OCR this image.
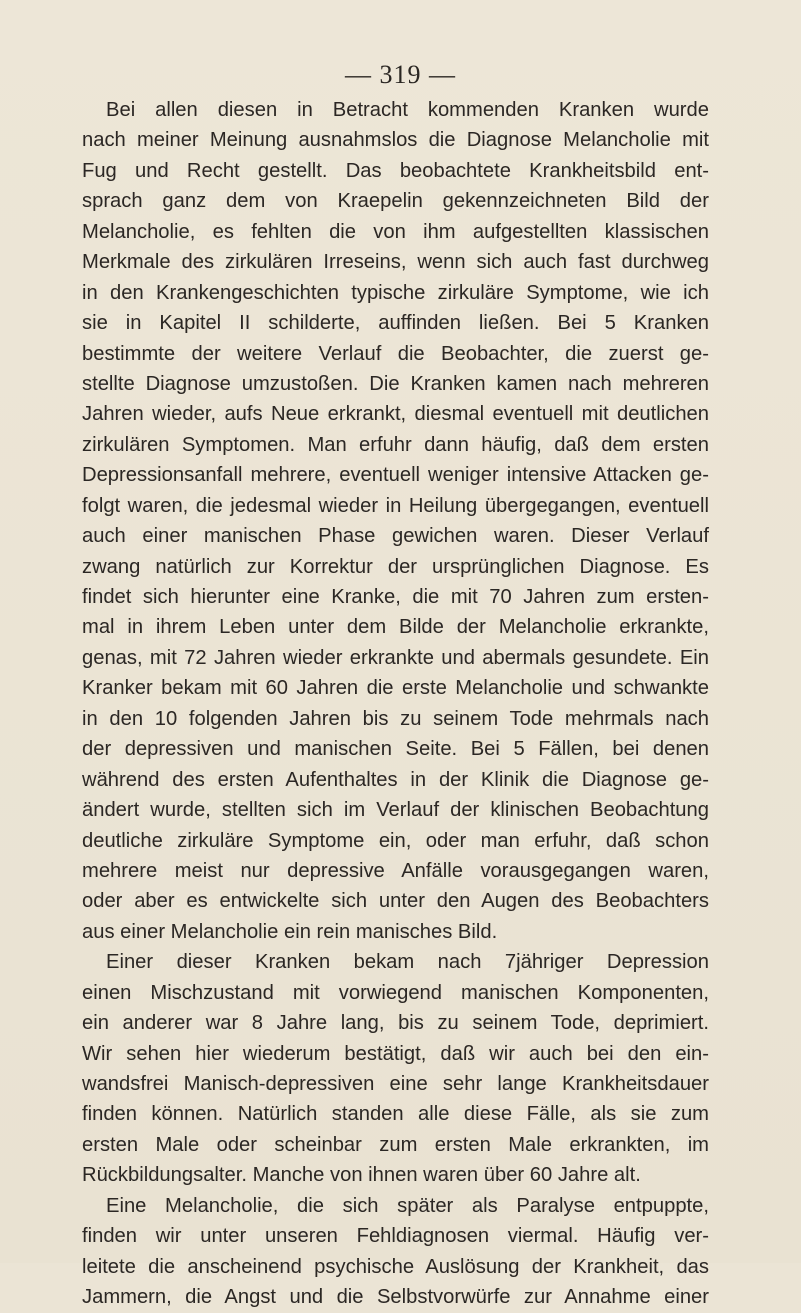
— 319 —
Bei allen diesen in Betracht kommenden Kranken wurde
nach meiner Meinung ausnahmslos die Diagnose Melancholie mit
Fug und Recht gestellt. Das beobachtete Krankheitsbild ent-
sprach ganz dem von Kraepelin gekennzeichneten Bild der
Melancholie, es fehlten die von ihm aufgestellten klassischen
Merkmale des zirkulären Irreseins, wenn sich auch fast durchweg
in den Krankengeschichten typische zirkuläre Symptome, wie ich
sie in Kapitel II schilderte, auffinden ließen. Bei 5 Kranken
bestimmte der weitere Verlauf die Beobachter, die zuerst ge-
stellte Diagnose umzustoßen. Die Kranken kamen nach mehreren
Jahren wieder, aufs Neue erkrankt, diesmal eventuell mit deutlichen
zirkulären Symptomen. Man erfuhr dann häufig, daß dem ersten
Depressionsanfall mehrere, eventuell weniger intensive Attacken ge-
folgt waren, die jedesmal wieder in Heilung übergegangen, eventuell
auch einer manischen Phase gewichen waren. Dieser Verlauf
zwang natürlich zur Korrektur der ursprünglichen Diagnose. Es
findet sich hierunter eine Kranke, die mit 70 Jahren zum ersten-
mal in ihrem Leben unter dem Bilde der Melancholie erkrankte,
genas, mit 72 Jahren wieder erkrankte und abermals gesundete. Ein
Kranker bekam mit 60 Jahren die erste Melancholie und schwankte
in den 10 folgenden Jahren bis zu seinem Tode mehrmals nach
der depressiven und manischen Seite. Bei 5 Fällen, bei denen
während des ersten Aufenthaltes in der Klinik die Diagnose ge-
ändert wurde, stellten sich im Verlauf der klinischen Beobachtung
deutliche zirkuläre Symptome ein, oder man erfuhr, daß schon
mehrere meist nur depressive Anfälle vorausgegangen waren,
oder aber es entwickelte sich unter den Augen des Beobachters
aus einer Melancholie ein rein manisches Bild.
Einer dieser Kranken bekam nach 7jähriger Depression
einen Mischzustand mit vorwiegend manischen Komponenten,
ein anderer war 8 Jahre lang, bis zu seinem Tode, deprimiert.
Wir sehen hier wiederum bestätigt, daß wir auch bei den ein-
wandsfrei Manisch-depressiven eine sehr lange Krankheitsdauer
finden können. Natürlich standen alle diese Fälle, als sie zum
ersten Male oder scheinbar zum ersten Male erkrankten, im
Rückbildungsalter. Manche von ihnen waren über 60 Jahre alt.
Eine Melancholie, die sich später als Paralyse entpuppte,
finden wir unter unseren Fehldiagnosen viermal. Häufig ver-
leitete die anscheinend psychische Auslösung der Krankheit, das
Jammern, die Angst und die Selbstvorwürfe zur Annahme einer
